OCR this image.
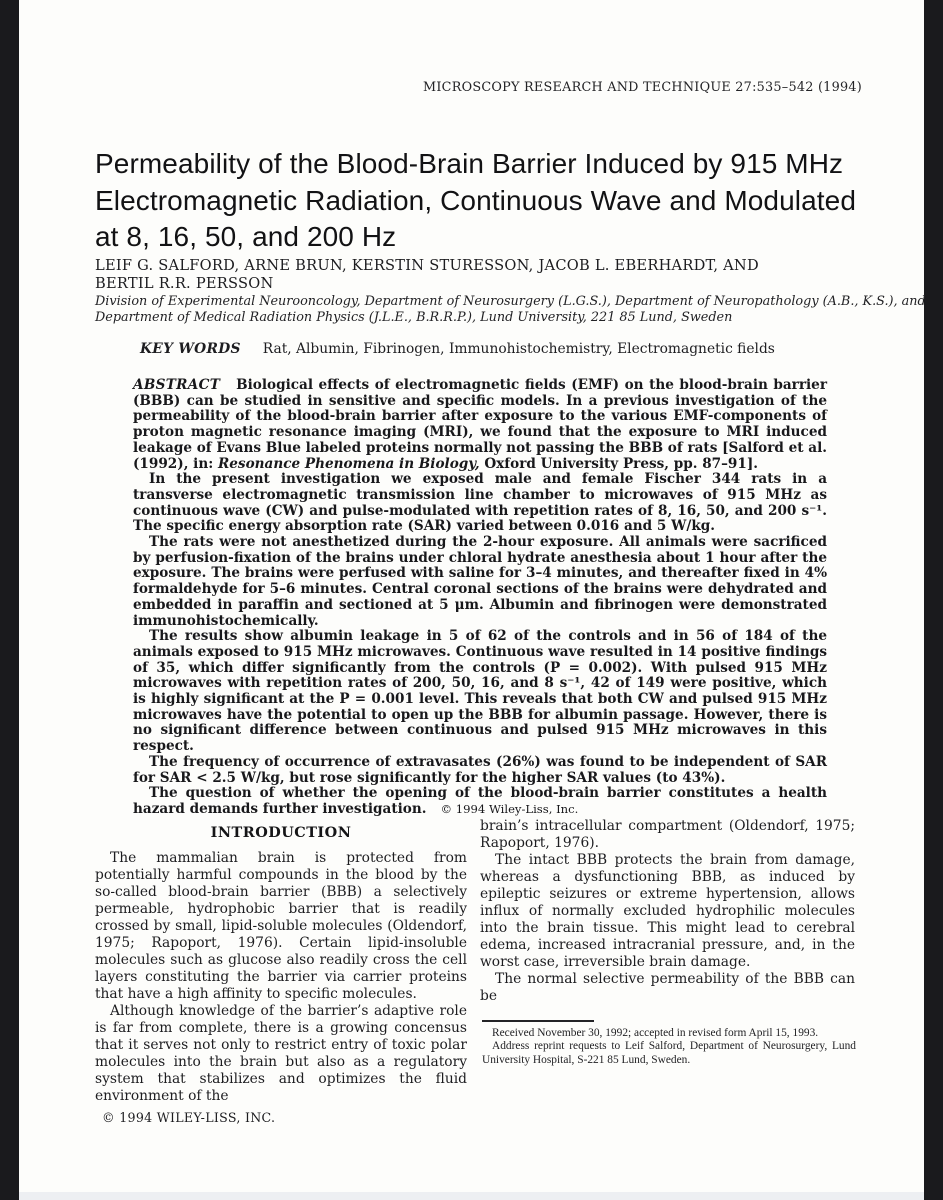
MICROSCOPY RESEARCH AND TECHNIQUE 27:535–542 (1994)
Permeability of the Blood-Brain Barrier Induced by 915 MHz
Electromagnetic Radiation, Continuous Wave and Modulated
at 8, 16, 50, and 200 Hz
LEIF G. SALFORD, ARNE BRUN, KERSTIN STURESSON, JACOB L. EBERHARDT, AND
BERTIL R.R. PERSSON
Division of Experimental Neurooncology, Department of Neurosurgery (L.G.S.), Department of Neuropathology (A.B., K.S.), and
Department of Medical Radiation Physics (J.L.E., B.R.R.P.), Lund University, 221 85 Lund, Sweden
KEY WORDS Rat, Albumin, Fibrinogen, Immunohistochemistry, Electromagnetic fields

ABSTRACT Biological effects of electromagnetic fields (EMF) on the blood-brain barrier (BBB) can be studied in sensitive and specific models. In a previous investigation of the permeability of the blood-brain barrier after exposure to the various EMF-components of proton magnetic resonance imaging (MRI), we found that the exposure to MRI induced leakage of Evans Blue labeled proteins normally not passing the BBB of rats [Salford et al. (1992), in: Resonance Phenomena in Biology, Oxford University Press, pp. 87–91].

In the present investigation we exposed male and female Fischer 344 rats in a transverse electromagnetic transmission line chamber to microwaves of 915 MHz as continuous wave (CW) and pulse-modulated with repetition rates of 8, 16, 50, and 200 s⁻¹. The specific energy absorption rate (SAR) varied between 0.016 and 5 W/kg.

The rats were not anesthetized during the 2-hour exposure. All animals were sacrificed by perfusion-fixation of the brains under chloral hydrate anesthesia about 1 hour after the exposure. The brains were perfused with saline for 3–4 minutes, and thereafter fixed in 4% formaldehyde for 5–6 minutes. Central coronal sections of the brains were dehydrated and embedded in paraffin and sectioned at 5 μm. Albumin and fibrinogen were demonstrated immunohistochemically.

The results show albumin leakage in 5 of 62 of the controls and in 56 of 184 of the animals exposed to 915 MHz microwaves. Continuous wave resulted in 14 positive findings of 35, which differ significantly from the controls (P = 0.002). With pulsed 915 MHz microwaves with repetition rates of 200, 50, 16, and 8 s⁻¹, 42 of 149 were positive, which is highly significant at the P = 0.001 level. This reveals that both CW and pulsed 915 MHz microwaves have the potential to open up the BBB for albumin passage. However, there is no significant difference between continuous and pulsed 915 MHz microwaves in this respect.

The frequency of occurrence of extravasates (26%) was found to be independent of SAR for SAR < 2.5 W/kg, but rose significantly for the higher SAR values (to 43%).

The question of whether the opening of the blood-brain barrier constitutes a health hazard demands further investigation. © 1994 Wiley-Liss, Inc.

INTRODUCTION

The mammalian brain is protected from potentially harmful compounds in the blood by the so-called blood-brain barrier (BBB) a selectively permeable, hydrophobic barrier that is readily crossed by small, lipid-soluble molecules (Oldendorf, 1975; Rapoport, 1976). Certain lipid-insoluble molecules such as glucose also readily cross the cell layers constituting the barrier via carrier proteins that have a high affinity to specific molecules.

Although knowledge of the barrier’s adaptive role is far from complete, there is a growing concensus that it serves not only to restrict entry of toxic polar molecules into the brain but also as a regulatory system that stabilizes and optimizes the fluid environment of the

brain’s intracellular compartment (Oldendorf, 1975; Rapoport, 1976).

The intact BBB protects the brain from damage, whereas a dysfunctioning BBB, as induced by epileptic seizures or extreme hypertension, allows influx of normally excluded hydrophilic molecules into the brain tissue. This might lead to cerebral edema, increased intracranial pressure, and, in the worst case, irreversible brain damage.

The normal selective permeability of the BBB can be

Received November 30, 1992; accepted in revised form April 15, 1993.

Address reprint requests to Leif Salford, Department of Neurosurgery, Lund University Hospital, S-221 85 Lund, Sweden.

© 1994 WILEY-LISS, INC.
